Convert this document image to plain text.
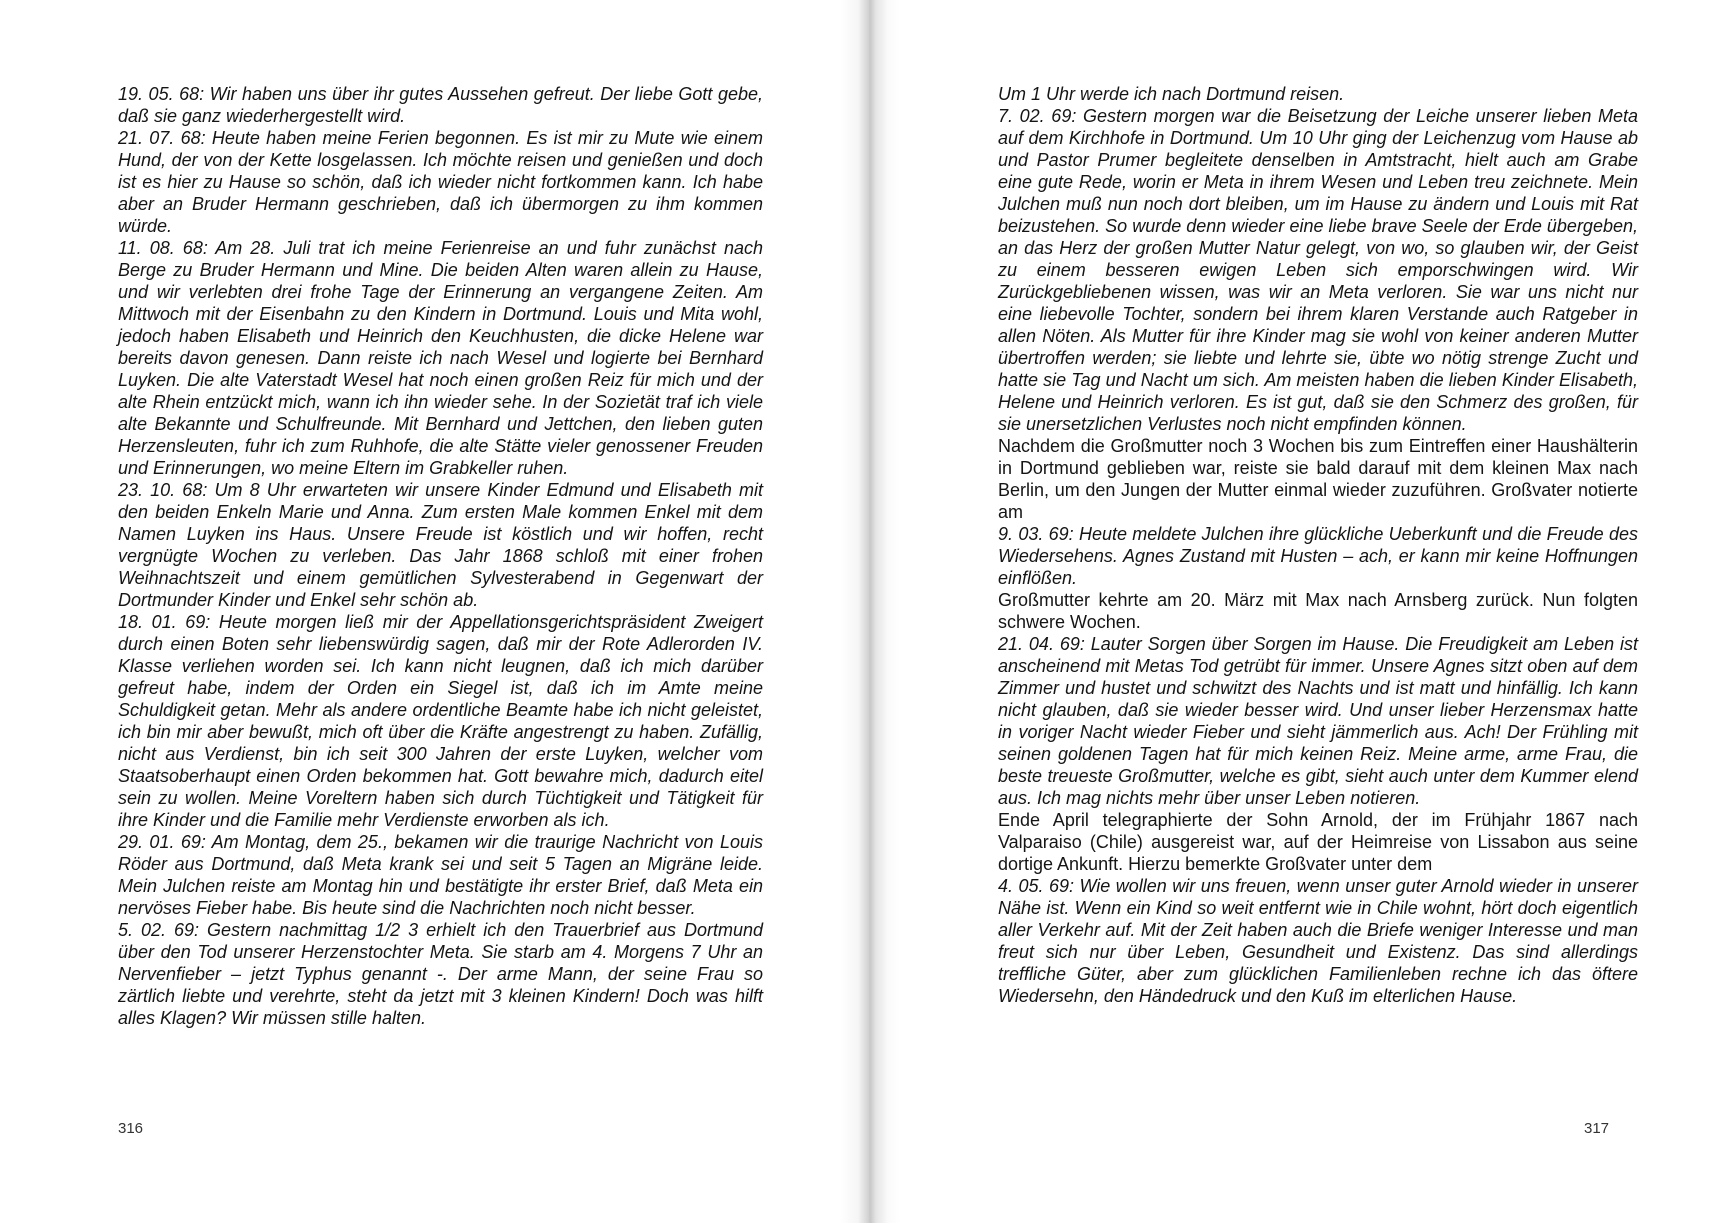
19. 05. 68: Wir haben uns über ihr gutes Aussehen gefreut. Der liebe Gott gebe, daß sie ganz wiederhergestellt wird.

21. 07. 68: Heute haben meine Ferien begonnen. Es ist mir zu Mute wie einem Hund, der von der Kette losgelassen. Ich möchte reisen und genießen und doch ist es hier zu Hause so schön, daß ich wieder nicht fortkommen kann. Ich habe aber an Bruder Hermann geschrieben, daß ich übermorgen zu ihm kommen würde.

11. 08. 68: Am 28. Juli trat ich meine Ferienreise an und fuhr zunächst nach Berge zu Bruder Hermann und Mine. Die beiden Alten waren allein zu Hause, und wir verlebten drei frohe Tage der Erinnerung an vergangene Zeiten. Am Mittwoch mit der Eisenbahn zu den Kindern in Dortmund. Louis und Mita wohl, jedoch haben Elisabeth und Heinrich den Keuchhusten, die dicke Helene war bereits davon genesen. Dann reiste ich nach Wesel und logierte bei Bernhard Luyken. Die alte Vaterstadt Wesel hat noch einen großen Reiz für mich und der alte Rhein entzückt mich, wann ich ihn wieder sehe. In der Sozietät traf ich viele alte Bekannte und Schulfreunde. Mit Bernhard und Jettchen, den lieben guten Herzensleuten, fuhr ich zum Ruhhofe, die alte Stätte vieler genossener Freuden und Erinnerungen, wo meine Eltern im Grabkeller ruhen.

23. 10. 68: Um 8 Uhr erwarteten wir unsere Kinder Edmund und Elisabeth mit den beiden Enkeln Marie und Anna. Zum ersten Male kommen Enkel mit dem Namen Luyken ins Haus. Unsere Freude ist köstlich und wir hoffen, recht vergnügte Wochen zu verleben. Das Jahr 1868 schloß mit einer frohen Weihnachtszeit und einem gemütlichen Sylvesterabend in Gegenwart der Dortmunder Kinder und Enkel sehr schön ab.

18. 01. 69: Heute morgen ließ mir der Appellationsgerichtspräsident Zweigert durch einen Boten sehr liebenswürdig sagen, daß mir der Rote Adlerorden IV. Klasse verliehen worden sei. Ich kann nicht leugnen, daß ich mich darüber gefreut habe, indem der Orden ein Siegel ist, daß ich im Amte meine Schuldigkeit getan. Mehr als andere ordentliche Beamte habe ich nicht geleistet, ich bin mir aber bewußt, mich oft über die Kräfte angestrengt zu haben. Zufällig, nicht aus Verdienst, bin ich seit 300 Jahren der erste Luyken, welcher vom Staatsoberhaupt einen Orden bekommen hat. Gott bewahre mich, dadurch eitel sein zu wollen. Meine Voreltern haben sich durch Tüchtigkeit und Tätigkeit für ihre Kinder und die Familie mehr Verdienste erworben als ich.

29. 01. 69: Am Montag, dem 25., bekamen wir die traurige Nachricht von Louis Röder aus Dortmund, daß Meta krank sei und seit 5 Tagen an Migräne leide. Mein Julchen reiste am Montag hin und bestätigte ihr erster Brief, daß Meta ein nervöses Fieber habe. Bis heute sind die Nachrichten noch nicht besser.

5. 02. 69: Gestern nachmittag 1/2 3 erhielt ich den Trauerbrief aus Dortmund über den Tod unserer Herzenstochter Meta. Sie starb am 4. Morgens 7 Uhr an Nervenfieber – jetzt Typhus genannt -. Der arme Mann, der seine Frau so zärtlich liebte und verehrte, steht da jetzt mit 3 kleinen Kindern! Doch was hilft alles Klagen? Wir müssen stille halten.

316

Um 1 Uhr werde ich nach Dortmund reisen.

7. 02. 69: Gestern morgen war die Beisetzung der Leiche unserer lieben Meta auf dem Kirchhofe in Dortmund. Um 10 Uhr ging der Leichenzug vom Hause ab und Pastor Prumer begleitete denselben in Amtstracht, hielt auch am Grabe eine gute Rede, worin er Meta in ihrem Wesen und Leben treu zeichnete. Mein Julchen muß nun noch dort bleiben, um im Hause zu ändern und Louis mit Rat beizustehen. So wurde denn wieder eine liebe brave Seele der Erde übergeben, an das Herz der großen Mutter Natur gelegt, von wo, so glauben wir, der Geist zu einem besseren ewigen Leben sich emporschwingen wird. Wir Zurückgebliebenen wissen, was wir an Meta verloren. Sie war uns nicht nur eine liebevolle Tochter, sondern bei ihrem klaren Verstande auch Ratgeber in allen Nöten. Als Mutter für ihre Kinder mag sie wohl von keiner anderen Mutter übertroffen werden; sie liebte und lehrte sie, übte wo nötig strenge Zucht und hatte sie Tag und Nacht um sich. Am meisten haben die lieben Kinder Elisabeth, Helene und Heinrich verloren. Es ist gut, daß sie den Schmerz des großen, für sie unersetzlichen Verlustes noch nicht empfinden können.

Nachdem die Großmutter noch 3 Wochen bis zum Eintreffen einer Haushälterin in Dortmund geblieben war, reiste sie bald darauf mit dem kleinen Max nach Berlin, um den Jungen der Mutter einmal wieder zuzuführen. Großvater notierte am

9. 03. 69: Heute meldete Julchen ihre glückliche Ueberkunft und die Freude des Wiedersehens. Agnes Zustand mit Husten – ach, er kann mir keine Hoffnungen einflößen.

Großmutter kehrte am 20. März mit Max nach Arnsberg zurück. Nun folgten schwere Wochen.

21. 04. 69: Lauter Sorgen über Sorgen im Hause. Die Freudigkeit am Leben ist anscheinend mit Metas Tod getrübt für immer. Unsere Agnes sitzt oben auf dem Zimmer und hustet und schwitzt des Nachts und ist matt und hinfällig. Ich kann nicht glauben, daß sie wieder besser wird. Und unser lieber Herzensmax hatte in voriger Nacht wieder Fieber und sieht jämmerlich aus. Ach! Der Frühling mit seinen goldenen Tagen hat für mich keinen Reiz. Meine arme, arme Frau, die beste treueste Großmutter, welche es gibt, sieht auch unter dem Kummer elend aus. Ich mag nichts mehr über unser Leben notieren.

Ende April telegraphierte der Sohn Arnold, der im Frühjahr 1867 nach Valparaiso (Chile) ausgereist war, auf der Heimreise von Lissabon aus seine dortige Ankunft. Hierzu bemerkte Großvater unter dem

4. 05. 69: Wie wollen wir uns freuen, wenn unser guter Arnold wieder in unserer Nähe ist. Wenn ein Kind so weit entfernt wie in Chile wohnt, hört doch eigentlich aller Verkehr auf. Mit der Zeit haben auch die Briefe weniger Interesse und man freut sich nur über Leben, Gesundheit und Existenz. Das sind allerdings treffliche Güter, aber zum glücklichen Familienleben rechne ich das öftere Wiedersehn, den Händedruck und den Kuß im elterlichen Hause.

317
